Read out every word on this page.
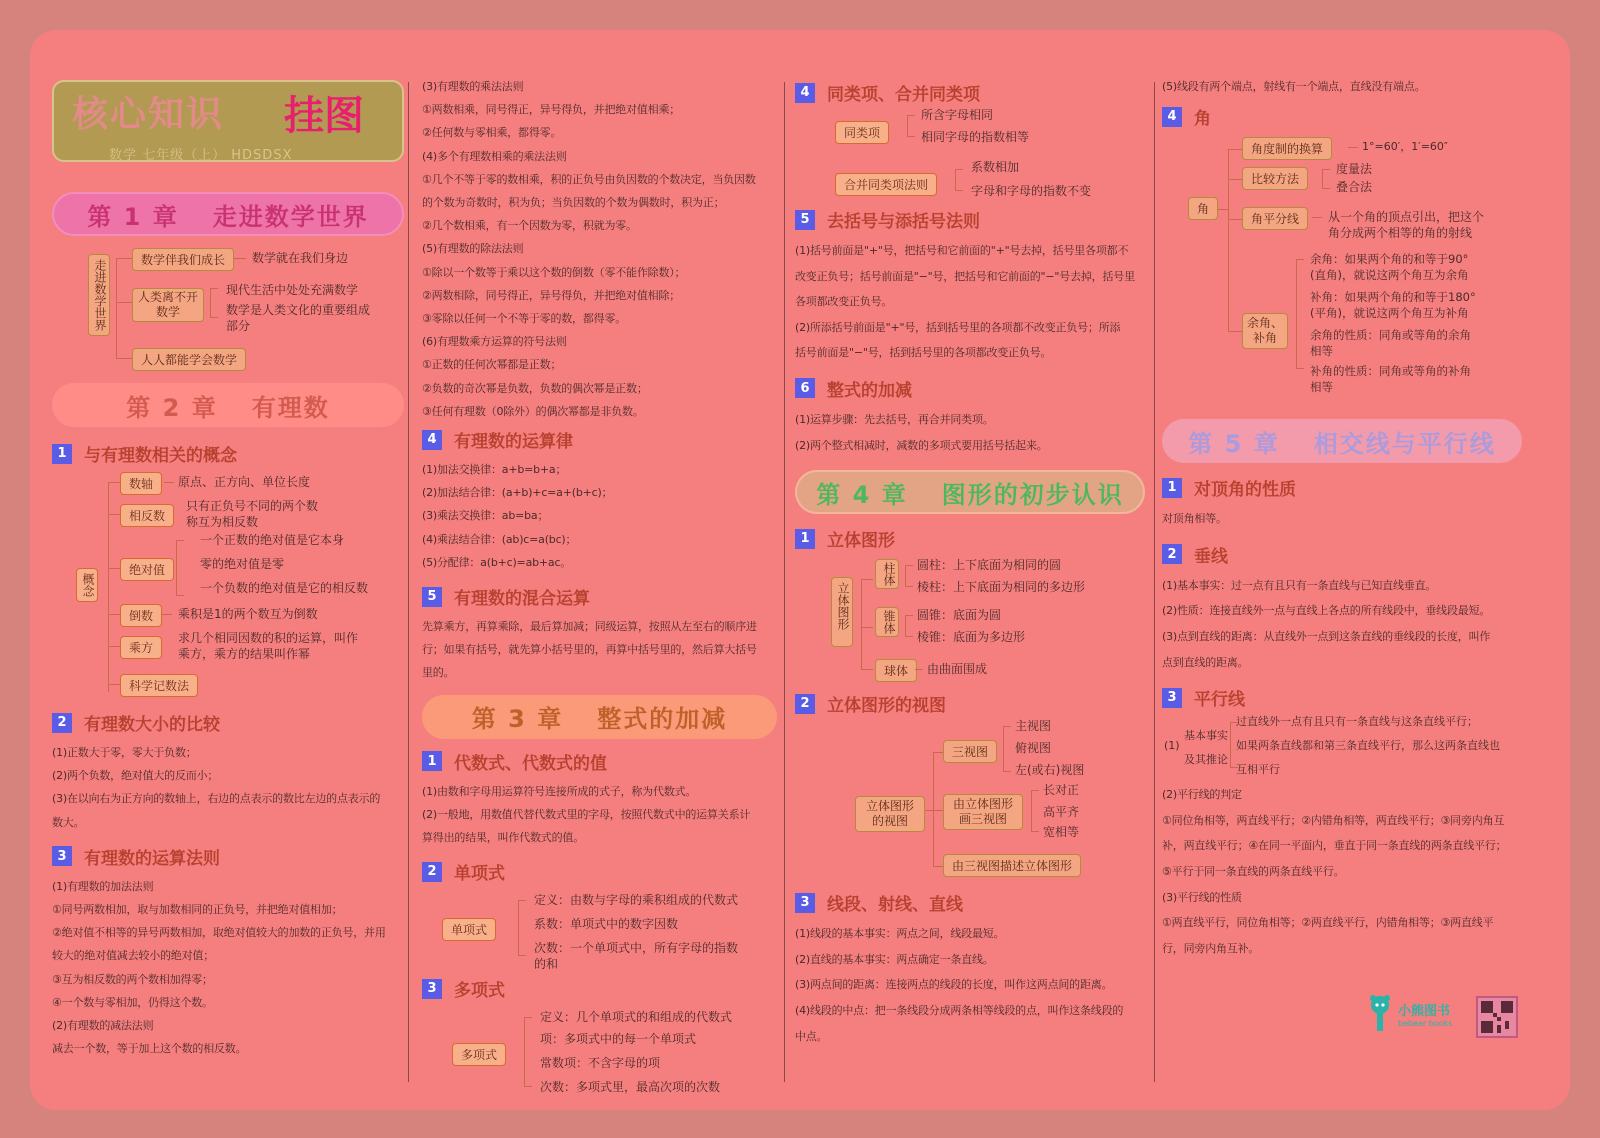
核心知识 挂图
数学 七年级（上） HDSDSX
第 1 章 走进数学世界
走进数学世界	数学伴我们成长	数学就在我们身边
人类离不开数学
现代生活中处处充满数学
数学是人类文化的重要组成部分
人人都能学会数学
第 2 章 有理数
1	与有理数相关的概念
概念
数轴	原点、正方向、单位长度
相反数
只有正负号不同的两个数
称互为相反数
绝对值
一个正数的绝对值是它本身
零的绝对值是零
一个负数的绝对值是它的相反数
倒数	乘积是1的两个数互为倒数
乘方
求几个相同因数的积的运算，叫作
乘方，乘方的结果叫作幂
科学记数法
2	有理数大小的比较
(1)正数大于零，零大于负数；
(2)两个负数，绝对值大的反而小；
(3)在以向右为正方向的数轴上，右边的点表示的数比左边的点表示的
数大。
3	有理数的运算法则
(1)有理数的加法法则
①同号两数相加，取与加数相同的正负号，并把绝对值相加；
②绝对值不相等的异号两数相加，取绝对值较大的加数的正负号，并用
较大的绝对值减去较小的绝对值；
③互为相反数的两个数相加得零；
④一个数与零相加，仍得这个数。
(2)有理数的减法法则
减去一个数，等于加上这个数的相反数。
(3)有理数的乘法法则
①两数相乘，同号得正，异号得负，并把绝对值相乘；
②任何数与零相乘，都得零。
(4)多个有理数相乘的乘法法则
①几个不等于零的数相乘，积的正负号由负因数的个数决定，当负因数
的个数为奇数时，积为负；当负因数的个数为偶数时，积为正；
②几个数相乘，有一个因数为零，积就为零。
(5)有理数的除法法则
①除以一个数等于乘以这个数的倒数（零不能作除数）；
②两数相除，同号得正，异号得负，并把绝对值相除；
③零除以任何一个不等于零的数，都得零。
(6)有理数乘方运算的符号法则
①正数的任何次幂都是正数；
②负数的奇次幂是负数，负数的偶次幂是正数；
③任何有理数（0除外）的偶次幂都是非负数。
4	有理数的运算律
(1)加法交换律：a+b=b+a；
(2)加法结合律：(a+b)+c=a+(b+c)；
(3)乘法交换律：ab=ba；
(4)乘法结合律：(ab)c=a(bc)；
(5)分配律：a(b+c)=ab+ac。
5	有理数的混合运算
先算乘方，再算乘除，最后算加减；同级运算，按照从左至右的顺序进
行；如果有括号，就先算小括号里的，再算中括号里的，然后算大括号
里的。
第 3 章 整式的加减
1	代数式、代数式的值
(1)由数和字母用运算符号连接所成的式子，称为代数式。
(2)一般地，用数值代替代数式里的字母，按照代数式中的运算关系计
算得出的结果，叫作代数式的值。
2	单项式
单项式
定义：由数与字母的乘积组成的代数式
系数：单项式中的数字因数
次数：一个单项式中，所有字母的指数
的和
3	多项式
多项式
定义：几个单项式的和组成的代数式
项：多项式中的每一个单项式
常数项：不含字母的项
次数：多项式里，最高次项的次数
4	同类项、合并同类项
同类项
所含字母相同
相同字母的指数相等
合并同类项法则
系数相加
字母和字母的指数不变
5	去括号与添括号法则
(1)括号前面是"+"号，把括号和它前面的"+"号去掉，括号里各项都不
改变正负号；括号前面是"−"号，把括号和它前面的"−"号去掉，括号里
各项都改变正负号。
(2)所添括号前面是"+"号，括到括号里的各项都不改变正负号；所添
括号前面是"−"号，括到括号里的各项都改变正负号。
6	整式的加减
(1)运算步骤：先去括号，再合并同类项。
(2)两个整式相减时，减数的多项式要用括号括起来。
第 4 章 图形的初步认识
1	立体图形
立体图形
柱体 圆柱：上下底面为相同的圆
棱柱：上下底面为相同的多边形
锥体 圆锥：底面为圆
棱锥：底面为多边形
球体	由曲面围成
2	立体图形的视图
立体图形的视图
三视图
主视图
俯视图
左(或右)视图
由立体图形画三视图
长对正
高平齐
宽相等
由三视图描述立体图形
3	线段、射线、直线
(1)线段的基本事实：两点之间，线段最短。
(2)直线的基本事实：两点确定一条直线。
(3)两点间的距离：连接两点的线段的长度，叫作这两点间的距离。
(4)线段的中点：把一条线段分成两条相等线段的点，叫作这条线段的
中点。
(5)线段有两个端点，射线有一个端点，直线没有端点。
4	角
角
角度制的换算	1°=60′，1′=60″
比较方法
度量法
叠合法
角平分线	从一个角的顶点引出，把这个
角分成两个相等的角的射线
余角、补角
余角：如果两个角的和等于90°
(直角)，就说这两个角互为余角
补角：如果两个角的和等于180°
(平角)，就说这两个角互为补角
余角的性质：同角或等角的余角
相等
补角的性质：同角或等角的补角
相等
第 5 章 相交线与平行线
1	对顶角的性质
对顶角相等。
2	垂线
(1)基本事实：过一点有且只有一条直线与已知直线垂直。
(2)性质：连接直线外一点与直线上各点的所有线段中，垂线段最短。
(3)点到直线的距离：从直线外一点到这条直线的垂线段的长度，叫作
点到直线的距离。
3	平行线
(1)
基本事实
及其推论
过直线外一点有且只有一条直线与这条直线平行；
如果两条直线都和第三条直线平行，那么这两条直线也
互相平行
(2)平行线的判定
①同位角相等，两直线平行；②内错角相等，两直线平行；③同旁内角互
补，两直线平行；④在同一平面内，垂直于同一条直线的两条直线平行；
⑤平行于同一条直线的两条直线平行。
(3)平行线的性质
①两直线平行，同位角相等；②两直线平行，内错角相等；③两直线平
行，同旁内角互补。
小熊图书
bebear books
